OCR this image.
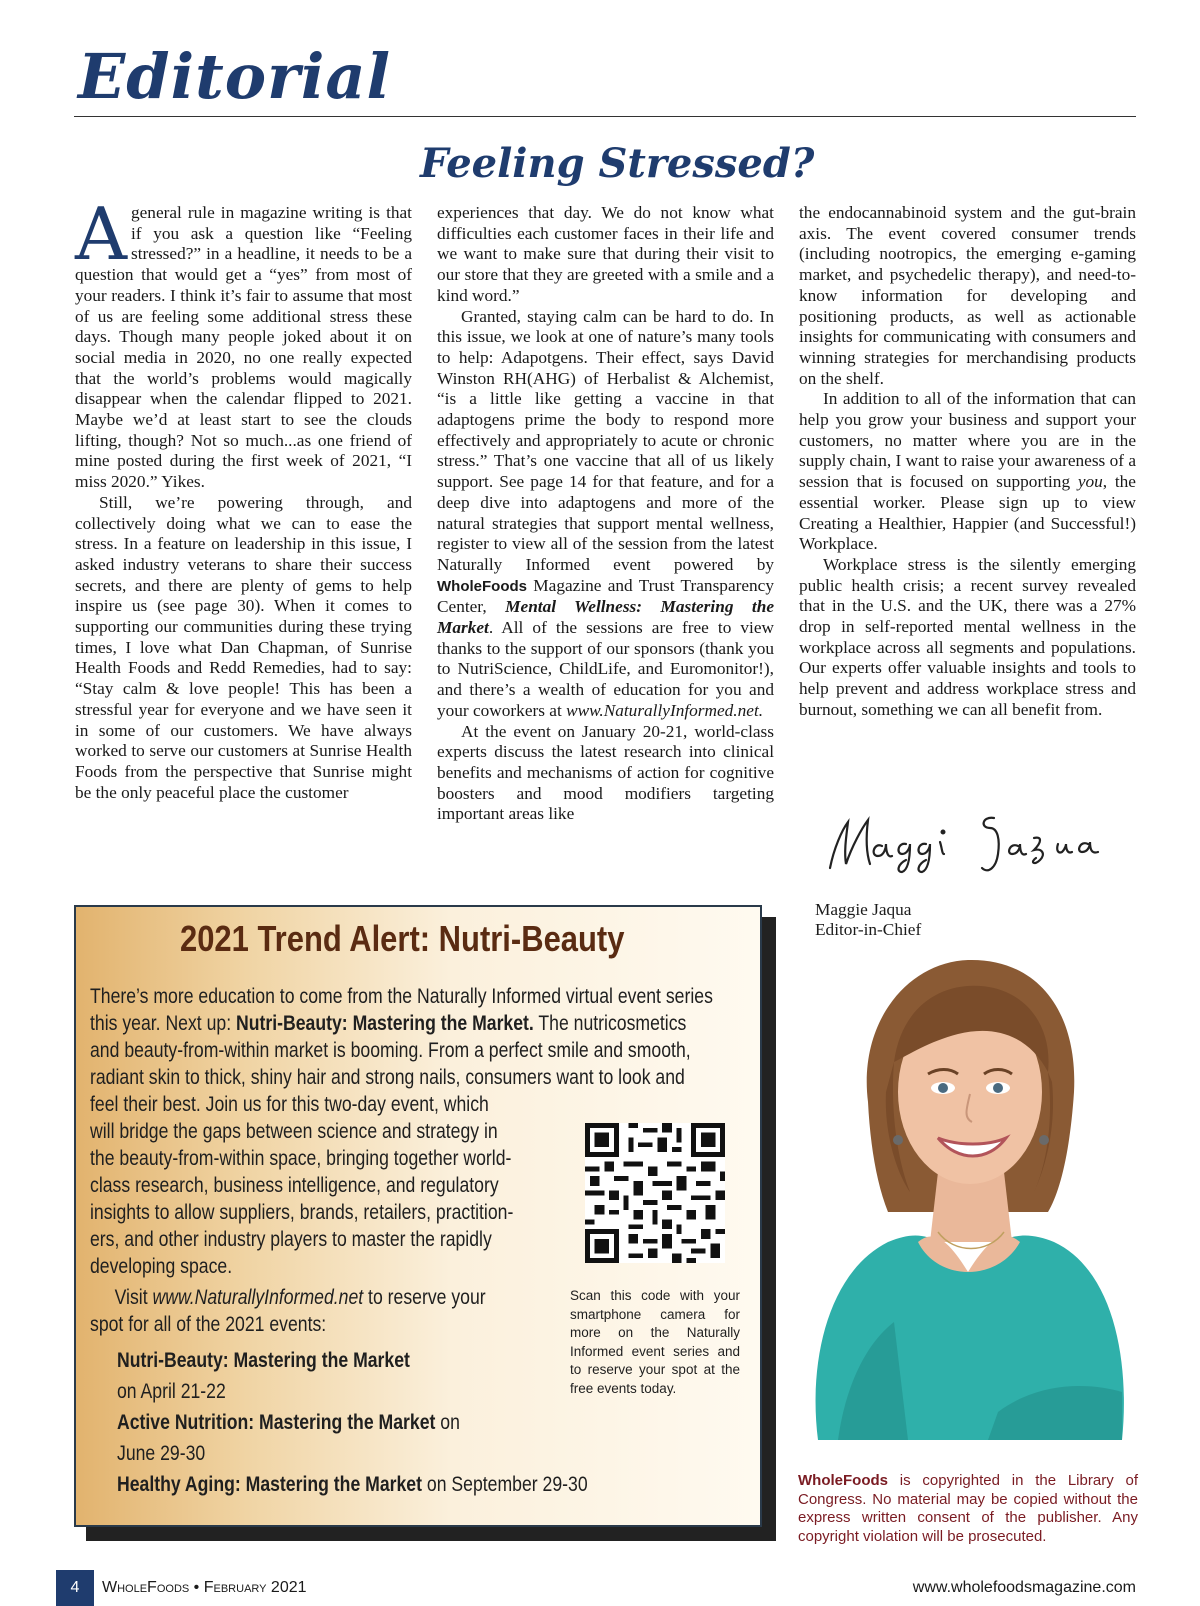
Editorial
Feeling Stressed?

A general rule in magazine writing is that if you ask a question like “Feeling stressed?” in a headline, it needs to be a question that would get a “yes” from most of your readers. I think it’s fair to assume that most of us are feeling some additional stress these days. Though many people joked about it on social media in 2020, no one really expected that the world’s problems would magically disappear when the calendar flipped to 2021. Maybe we’d at least start to see the clouds lifting, though? Not so much...as one friend of mine posted during the first week of 2021, “I miss 2020.” Yikes.

Still, we’re powering through, and collectively doing what we can to ease the stress. In a feature on leadership in this issue, I asked industry veterans to share their success secrets, and there are plenty of gems to help inspire us (see page 30). When it comes to supporting our communities during these trying times, I love what Dan Chapman, of Sunrise Health Foods and Redd Remedies, had to say: “Stay calm & love people! This has been a stressful year for everyone and we have seen it in some of our customers. We have always worked to serve our customers at Sunrise Health Foods from the perspective that Sunrise might be the only peaceful place the customer

experiences that day. We do not know what difficulties each customer faces in their life and we want to make sure that during their visit to our store that they are greeted with a smile and a kind word.”

Granted, staying calm can be hard to do. In this issue, we look at one of nature’s many tools to help: Adapotgens. Their effect, says David Winston RH(AHG) of Herbalist & Alchemist, “is a little like getting a vaccine in that adaptogens prime the body to respond more effectively and appropriately to acute or chronic stress.” That’s one vaccine that all of us likely support. See page 14 for that feature, and for a deep dive into adaptogens and more of the natural strategies that support mental wellness, register to view all of the session from the latest Naturally Informed event powered by WholeFoods Magazine and Trust Transparency Center, Mental Wellness: Mastering the Market. All of the sessions are free to view thanks to the support of our sponsors (thank you to NutriScience, ChildLife, and Euromonitor!), and there’s a wealth of education for you and your coworkers at www.NaturallyInformed.net.

At the event on January 20-21, world-class experts discuss the latest research into clinical benefits and mechanisms of action for cognitive boosters and mood modifiers targeting important areas like

the endocannabinoid system and the gut-brain axis. The event covered consumer trends (including nootropics, the emerging e-gaming market, and psychedelic therapy), and need-to-know information for developing and positioning products, as well as actionable insights for communicating with consumers and winning strategies for merchandising products on the shelf.

In addition to all of the information that can help you grow your business and support your customers, no matter where you are in the supply chain, I want to raise your awareness of a session that is focused on supporting you, the essential worker. Please sign up to view Creating a Healthier, Happier (and Successful!) Workplace.

Workplace stress is the silently emerging public health crisis; a recent survey revealed that in the U.S. and the UK, there was a 27% drop in self-reported mental wellness in the workplace across all segments and populations. Our experts offer valuable insights and tools to help prevent and address workplace stress and burnout, something we can all benefit from.

Maggie Jaqua
Editor-in-Chief
2021 Trend Alert: Nutri-Beauty
There’s more education to come from the Naturally Informed virtual event series
this year. Next up: Nutri-Beauty: Mastering the Market. The nutricosmetics
and beauty-from-within market is booming. From a perfect smile and smooth,
radiant skin to thick, shiny hair and strong nails, consumers want to look and
feel their best. Join us for this two-day event, which
will bridge the gaps between science and strategy in
the beauty-from-within space, bringing together world-
class research, business intelligence, and regulatory
insights to allow suppliers, brands, retailers, practition-
ers, and other industry players to master the rapidly
developing space.
Visit www.NaturallyInformed.net to reserve your
spot for all of the 2021 events:
Nutri-Beauty: Mastering the Market
on April 21-22
Active Nutrition: Mastering the Market on
June 29-30
Healthy Aging: Mastering the Market on September 29-30
Scan this code with your smartphone camera for more on the Naturally Informed event series and to reserve your spot at the free events today.
WholeFoods is copyrighted in the Library of Congress. No material may be copied without the express written consent of the publisher. Any copyright violation will be prosecuted.
4	WholeFoods • February 2021	www.wholefoodsmagazine.com
